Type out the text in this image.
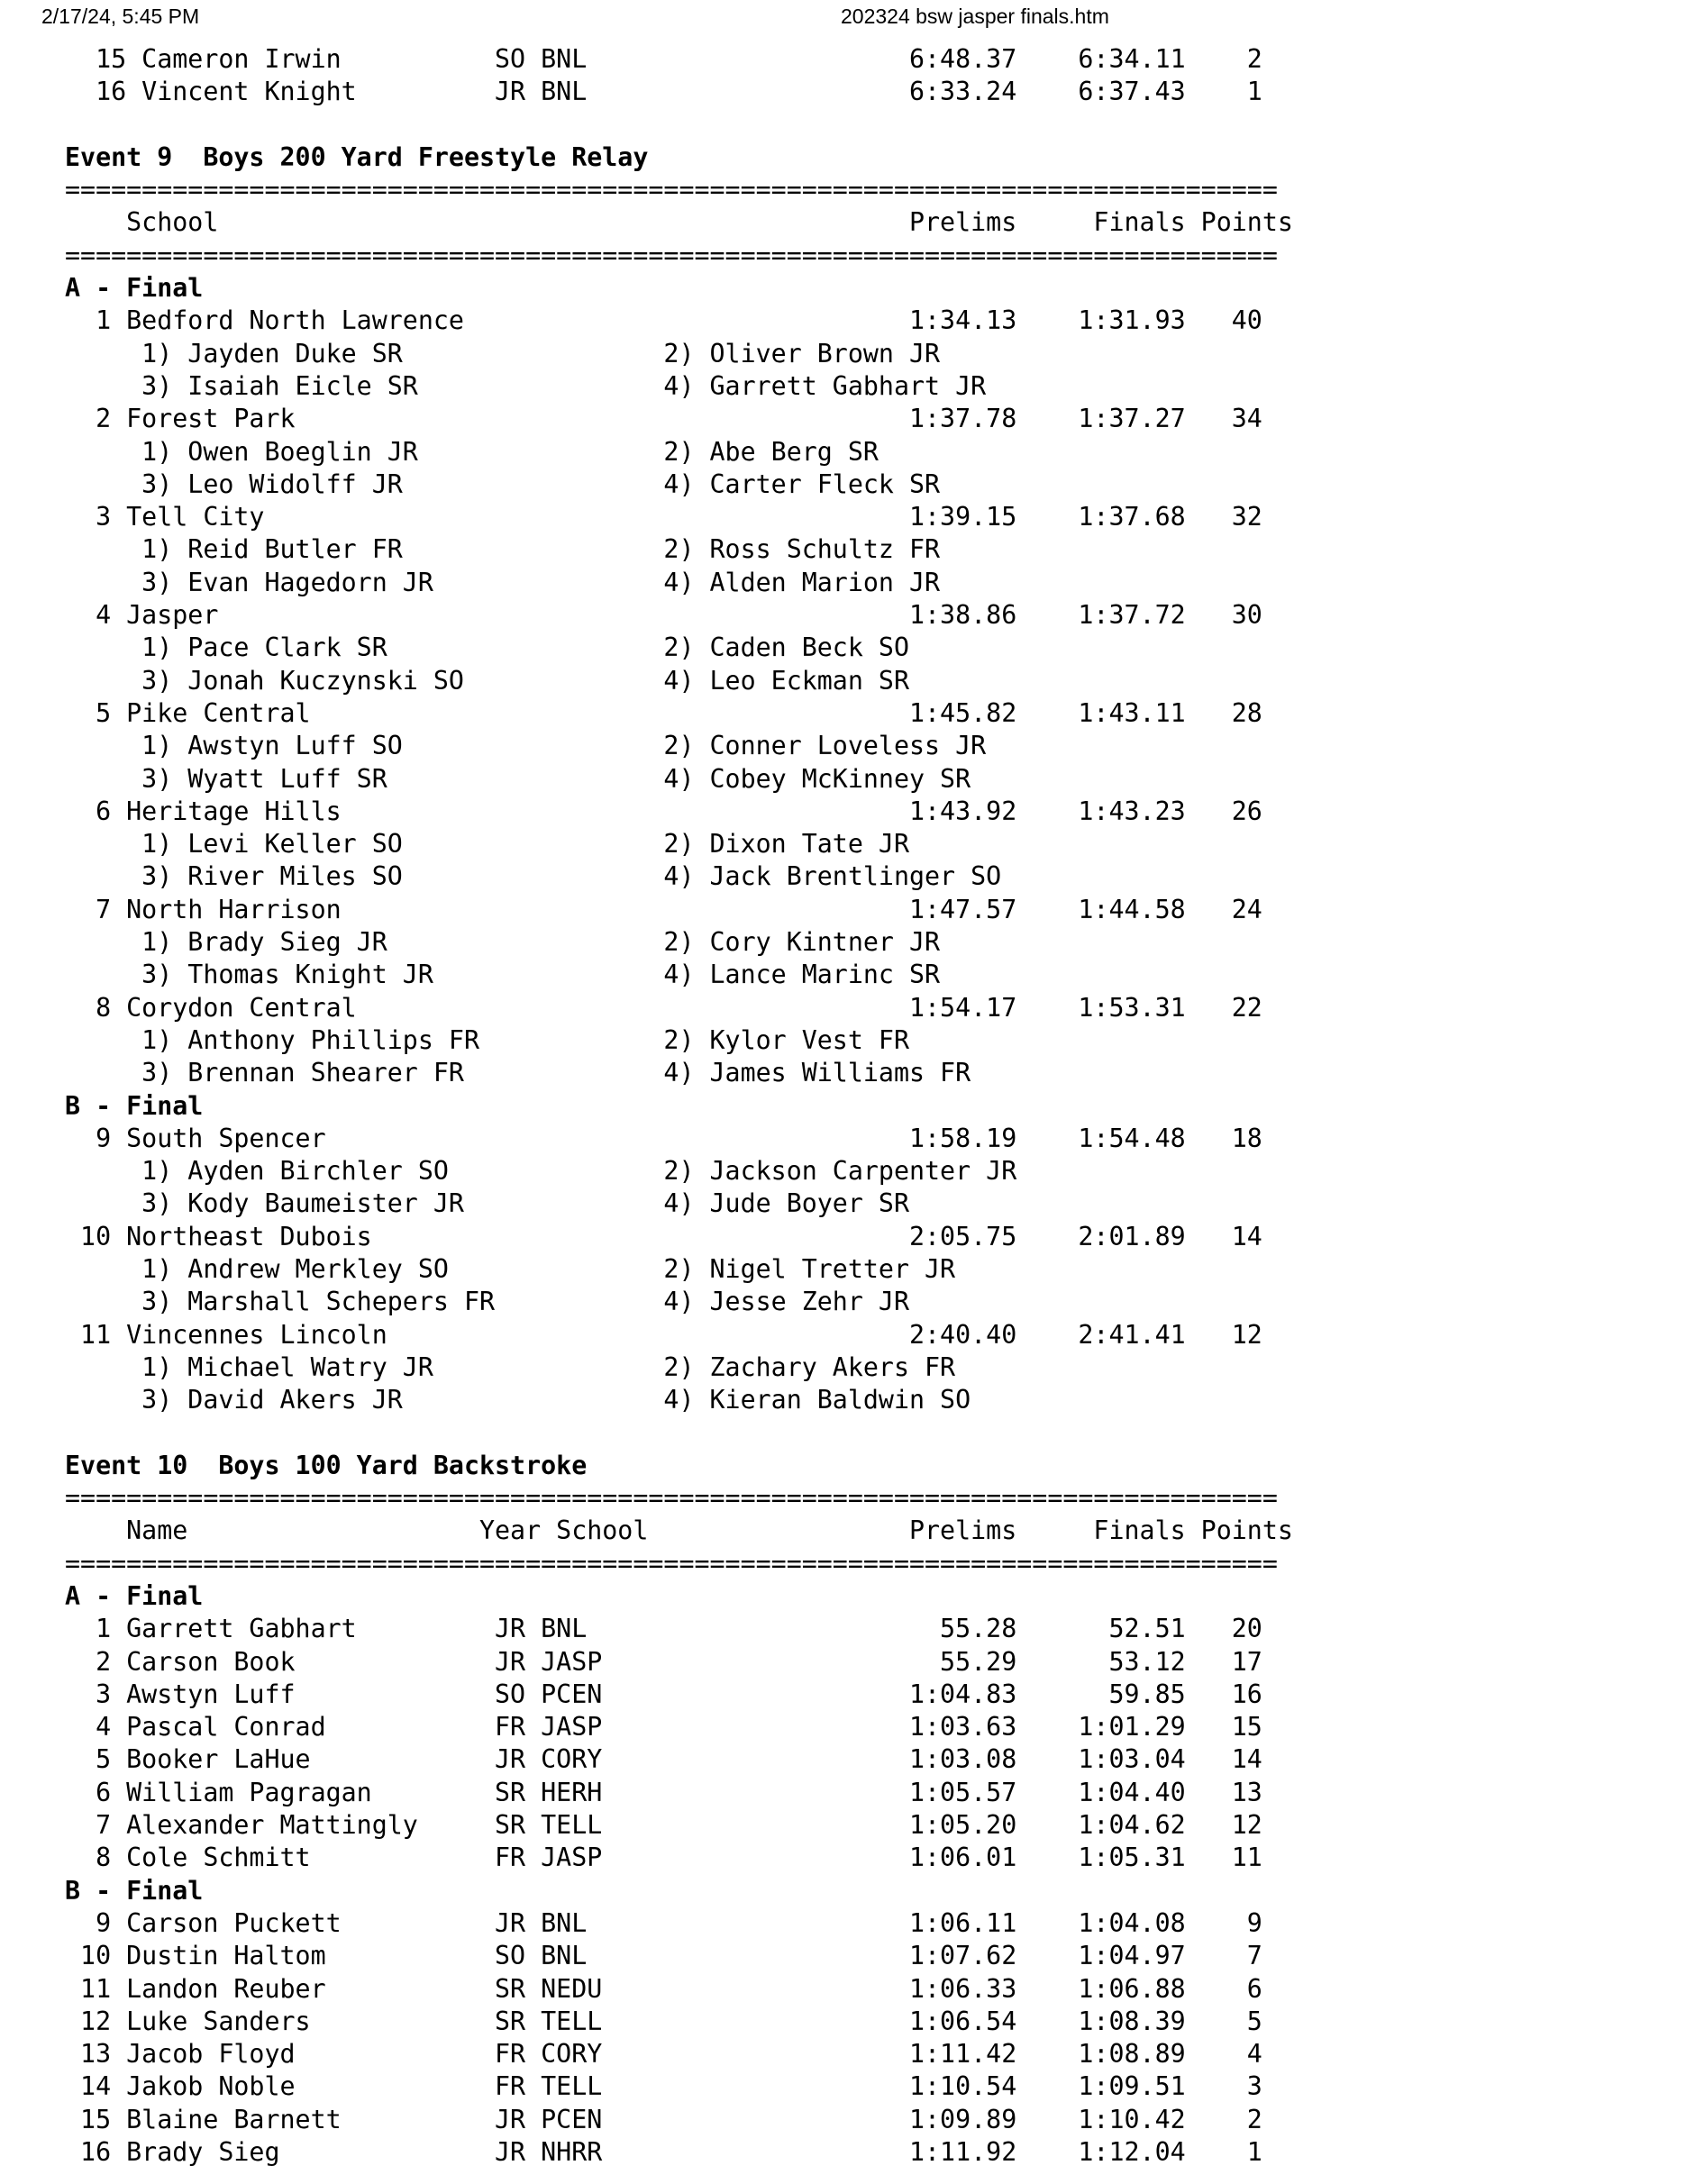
2/17/24, 5:45 PM	202324 bsw jasper finals.htm
15 Cameron Irwin          SO BNL                     6:48.37    6:34.11    2
16 Vincent Knight         JR BNL                     6:33.24    6:37.43    1

Event 9  Boys 200 Yard Freestyle Relay
===============================================================================
School                                             Prelims     Finals Points
===============================================================================
A - Final
1 Bedford North Lawrence                             1:34.13    1:31.93   40
1) Jayden Duke SR                 2) Oliver Brown JR
3) Isaiah Eicle SR                4) Garrett Gabhart JR
2 Forest Park                                        1:37.78    1:37.27   34
1) Owen Boeglin JR                2) Abe Berg SR
3) Leo Widolff JR                 4) Carter Fleck SR
3 Tell City                                          1:39.15    1:37.68   32
1) Reid Butler FR                 2) Ross Schultz FR
3) Evan Hagedorn JR               4) Alden Marion JR
4 Jasper                                             1:38.86    1:37.72   30
1) Pace Clark SR                  2) Caden Beck SO
3) Jonah Kuczynski SO             4) Leo Eckman SR
5 Pike Central                                       1:45.82    1:43.11   28
1) Awstyn Luff SO                 2) Conner Loveless JR
3) Wyatt Luff SR                  4) Cobey McKinney SR
6 Heritage Hills                                     1:43.92    1:43.23   26
1) Levi Keller SO                 2) Dixon Tate JR
3) River Miles SO                 4) Jack Brentlinger SO
7 North Harrison                                     1:47.57    1:44.58   24
1) Brady Sieg JR                  2) Cory Kintner JR
3) Thomas Knight JR               4) Lance Marinc SR
8 Corydon Central                                    1:54.17    1:53.31   22
1) Anthony Phillips FR            2) Kylor Vest FR
3) Brennan Shearer FR             4) James Williams FR
B - Final
9 South Spencer                                      1:58.19    1:54.48   18
1) Ayden Birchler SO              2) Jackson Carpenter JR
3) Kody Baumeister JR             4) Jude Boyer SR
10 Northeast Dubois                                   2:05.75    2:01.89   14
1) Andrew Merkley SO              2) Nigel Tretter JR
3) Marshall Schepers FR           4) Jesse Zehr JR
11 Vincennes Lincoln                                  2:40.40    2:41.41   12
1) Michael Watry JR               2) Zachary Akers FR
3) David Akers JR                 4) Kieran Baldwin SO

Event 10  Boys 100 Yard Backstroke
===============================================================================
Name                   Year School                 Prelims     Finals Points
===============================================================================
A - Final
1 Garrett Gabhart         JR BNL                       55.28      52.51   20
2 Carson Book             JR JASP                      55.29      53.12   17
3 Awstyn Luff             SO PCEN                    1:04.83      59.85   16
4 Pascal Conrad           FR JASP                    1:03.63    1:01.29   15
5 Booker LaHue            JR CORY                    1:03.08    1:03.04   14
6 William Pagragan        SR HERH                    1:05.57    1:04.40   13
7 Alexander Mattingly     SR TELL                    1:05.20    1:04.62   12
8 Cole Schmitt            FR JASP                    1:06.01    1:05.31   11
B - Final
9 Carson Puckett          JR BNL                     1:06.11    1:04.08    9
10 Dustin Haltom           SO BNL                     1:07.62    1:04.97    7
11 Landon Reuber           SR NEDU                    1:06.33    1:06.88    6
12 Luke Sanders            SR TELL                    1:06.54    1:08.39    5
13 Jacob Floyd             FR CORY                    1:11.42    1:08.89    4
14 Jakob Noble             FR TELL                    1:10.54    1:09.51    3
15 Blaine Barnett          JR PCEN                    1:09.89    1:10.42    2
16 Brady Sieg              JR NHRR                    1:11.92    1:12.04    1
